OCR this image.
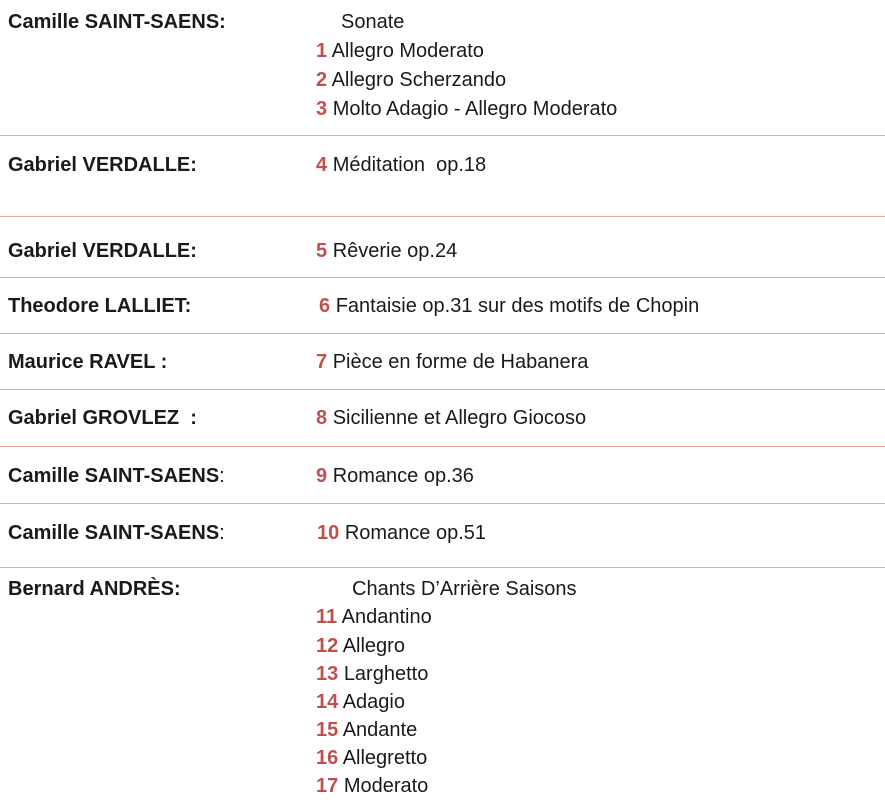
Camille SAINT-SAENS:	Sonate
1 Allegro Moderato
2 Allegro Scherzando
3 Molto Adagio - Allegro Moderato
Gabriel VERDALLE:	4 Méditation  op.18
Gabriel VERDALLE:	5 Rêverie op.24
Theodore LALLIET:	6 Fantaisie op.31 sur des motifs de Chopin
Maurice RAVEL :	7 Pièce en forme de Habanera
Gabriel GROVLEZ  :	8 Sicilienne et Allegro Giocoso
Camille SAINT-SAENS:	9 Romance op.36
Camille SAINT-SAENS:	10 Romance op.51
Bernard ANDRÈS:	Chants D’Arrière Saisons
11 Andantino
12 Allegro
13 Larghetto
14 Adagio
15 Andante
16 Allegretto
17 Moderato
